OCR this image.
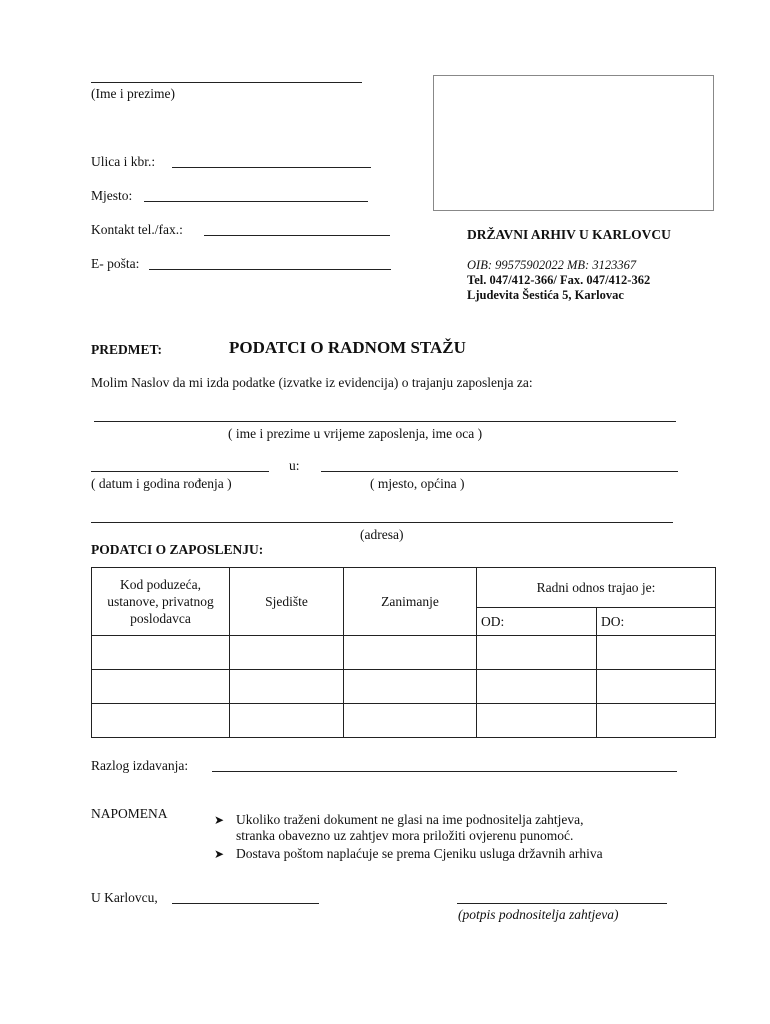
(Ime i prezime)
Ulica i kbr.:
Mjesto:
Kontakt tel./fax.:
E- pošta:
DRŽAVNI ARHIV U KARLOVCU
OIB: 99575902022 MB: 3123367
Tel. 047/412-366/ Fax. 047/412-362
Ljudevita Šestića 5, Karlovac
PREDMET:	PODATCI O RADNOM STAŽU
Molim Naslov da mi izda podatke (izvatke iz evidencija) o trajanju zaposlenja za:
( ime i prezime u vrijeme zaposlenja, ime oca )
u:
( datum i godina rođenja )	( mjesto, općina )
(adresa)
PODATCI O ZAPOSLENJU:
Kod poduzeća,
ustanove, privatnog
poslodavca	Sjedište	Zanimanje	Radni odnos trajao je:	
			OD:	DO:

Razlog izdavanja:
NAPOMENA	➤ Ukoliko traženi dokument ne glasi na ime podnositelja zahtjeva,
stranka obavezno uz zahtjev mora priložiti ovjerenu punomoć.
➤ Dostava poštom naplaćuje se prema Cjeniku usluga državnih arhiva
U Karlovcu,
(potpis podnositelja zahtjeva)
